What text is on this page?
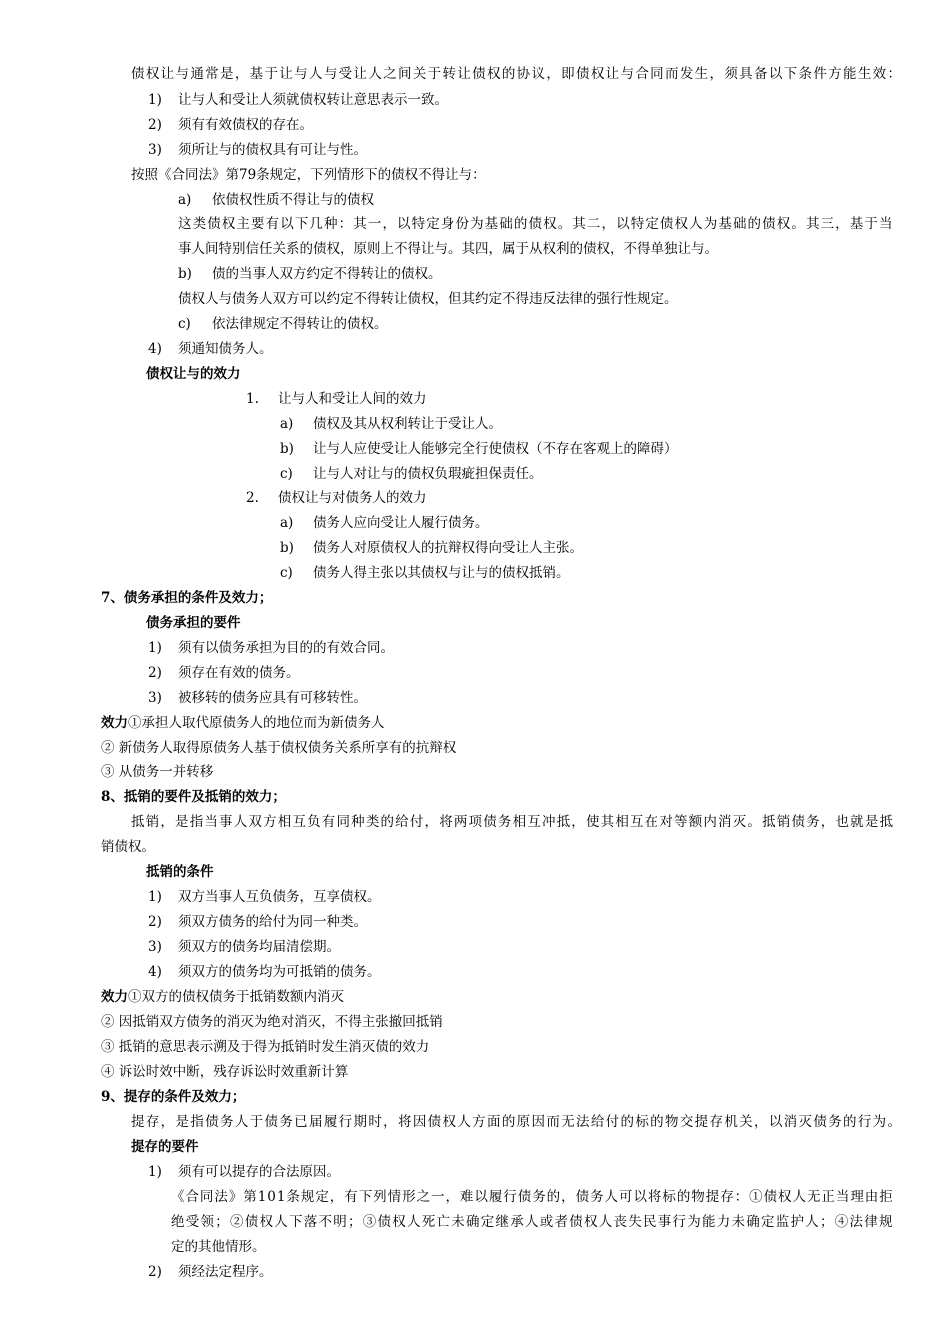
债权让与通常是，基于让与人与受让人之间关于转让债权的协议，即债权让与合同而发生，须具备以下条件方能生效：
1) 让与人和受让人须就债权转让意思表示一致。
2) 须有有效债权的存在。
3) 须所让与的债权具有可让与性。
按照《合同法》第79条规定，下列情形下的债权不得让与：
a) 依债权性质不得让与的债权
这类债权主要有以下几种：其一，以特定身份为基础的债权。其二，以特定债权人为基础的债权。其三，基于当
事人间特别信任关系的债权，原则上不得让与。其四，属于从权利的债权，不得单独让与。
b) 债的当事人双方约定不得转让的债权。
债权人与债务人双方可以约定不得转让债权，但其约定不得违反法律的强行性规定。
c) 依法律规定不得转让的债权。
4) 须通知债务人。
债权让与的效力
1. 让与人和受让人间的效力
a) 债权及其从权利转让于受让人。
b) 让与人应使受让人能够完全行使债权（不存在客观上的障碍）
c) 让与人对让与的债权负瑕疵担保责任。
2. 债权让与对债务人的效力
a) 债务人应向受让人履行债务。
b) 债务人对原债权人的抗辩权得向受让人主张。
c) 债务人得主张以其债权与让与的债权抵销。
7、债务承担的条件及效力；
债务承担的要件
1) 须有以债务承担为目的的有效合同。
2) 须存在有效的债务。
3) 被移转的债务应具有可移转性。
效力①承担人取代原债务人的地位而为新债务人
② 新债务人取得原债务人基于债权债务关系所享有的抗辩权
③ 从债务一并转移
8、抵销的要件及抵销的效力；
抵销，是指当事人双方相互负有同种类的给付，将两项债务相互冲抵，使其相互在对等额内消灭。抵销债务，也就是抵
销债权。
抵销的条件
1) 双方当事人互负债务，互享债权。
2) 须双方债务的给付为同一种类。
3) 须双方的债务均届清偿期。
4) 须双方的债务均为可抵销的债务。
效力①双方的债权债务于抵销数额内消灭
② 因抵销双方债务的消灭为绝对消灭，不得主张撤回抵销
③ 抵销的意思表示溯及于得为抵销时发生消灭债的效力
④ 诉讼时效中断，残存诉讼时效重新计算
9、提存的条件及效力；
提存，是指债务人于债务已届履行期时，将因债权人方面的原因而无法给付的标的物交提存机关，以消灭债务的行为。
提存的要件
1) 须有可以提存的合法原因。
《合同法》第101条规定，有下列情形之一，难以履行债务的，债务人可以将标的物提存：①债权人无正当理由拒
绝受领；②债权人下落不明；③债权人死亡未确定继承人或者债权人丧失民事行为能力未确定监护人；④法律规
定的其他情形。
2) 须经法定程序。
